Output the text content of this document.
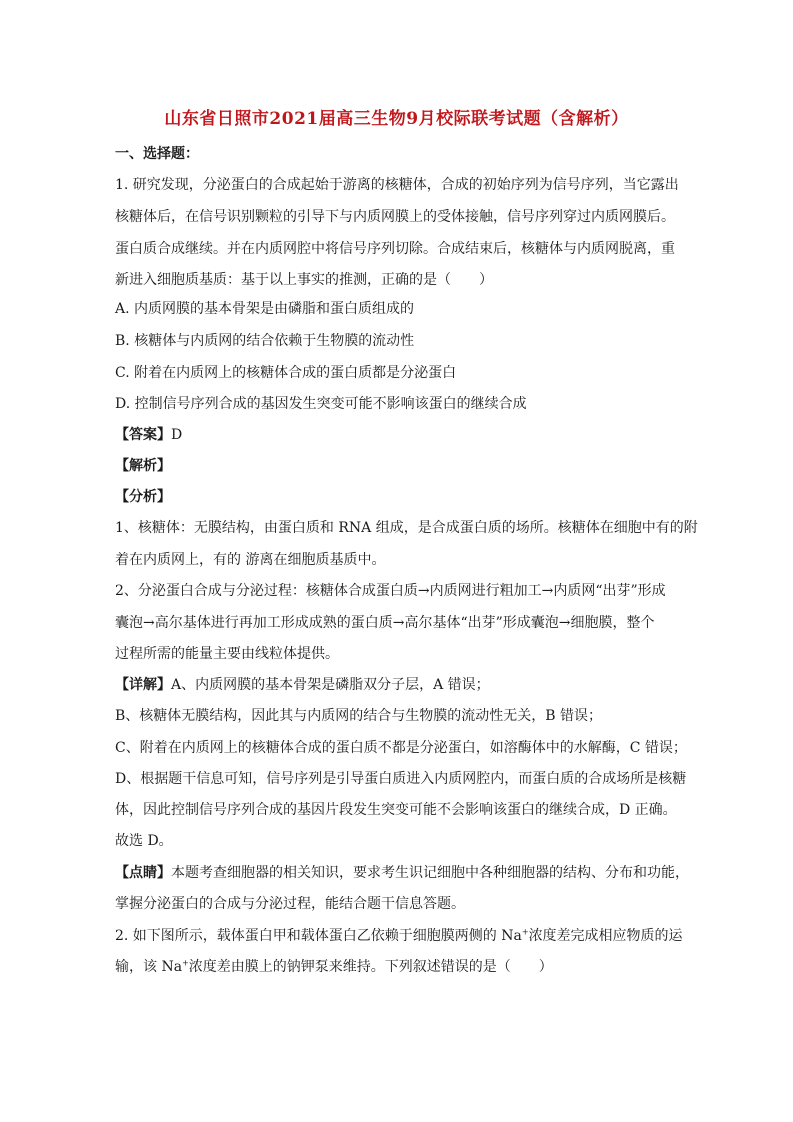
山东省日照市2021届高三生物9月校际联考试题（含解析）
一、选择题：
1. 研究发现，分泌蛋白的合成起始于游离的核糖体，合成的初始序列为信号序列，当它露出
核糖体后，在信号识别颗粒的引导下与内质网膜上的受体接触，信号序列穿过内质网膜后。
蛋白质合成继续。并在内质网腔中将信号序列切除。合成结束后，核糖体与内质网脱离，重
新进入细胞质基质：基于以上事实的推测，正确的是（　　）
A. 内质网膜的基本骨架是由磷脂和蛋白质组成的
B. 核糖体与内质网的结合依赖于生物膜的流动性
C. 附着在内质网上的核糖体合成的蛋白质都是分泌蛋白
D. 控制信号序列合成的基因发生突变可能不影响该蛋白的继续合成
【答案】D
【解析】
【分析】
1、核糖体：无膜结构，由蛋白质和 RNA 组成，是合成蛋白质的场所。核糖体在细胞中有的附
着在内质网上，有的 游离在细胞质基质中。
2、分泌蛋白合成与分泌过程：核糖体合成蛋白质→内质网进行粗加工→内质网“出芽”形成
囊泡→高尔基体进行再加工形成成熟的蛋白质→高尔基体“出芽”形成囊泡→细胞膜，整个
过程所需的能量主要由线粒体提供。
【详解】A、内质网膜的基本骨架是磷脂双分子层，A 错误；
B、核糖体无膜结构，因此其与内质网的结合与生物膜的流动性无关，B 错误；
C、附着在内质网上的核糖体合成的蛋白质不都是分泌蛋白，如溶酶体中的水解酶，C 错误；
D、根据题干信息可知，信号序列是引导蛋白质进入内质网腔内，而蛋白质的合成场所是核糖
体，因此控制信号序列合成的基因片段发生突变可能不会影响该蛋白的继续合成，D 正确。
故选 D。
【点睛】本题考查细胞器的相关知识，要求考生识记细胞中各种细胞器的结构、分布和功能，
掌握分泌蛋白的合成与分泌过程，能结合题干信息答题。
2. 如下图所示，载体蛋白甲和载体蛋白乙依赖于细胞膜两侧的 Na+浓度差完成相应物质的运
输，该 Na+浓度差由膜上的钠钾泵来维持。下列叙述错误的是（　　）
